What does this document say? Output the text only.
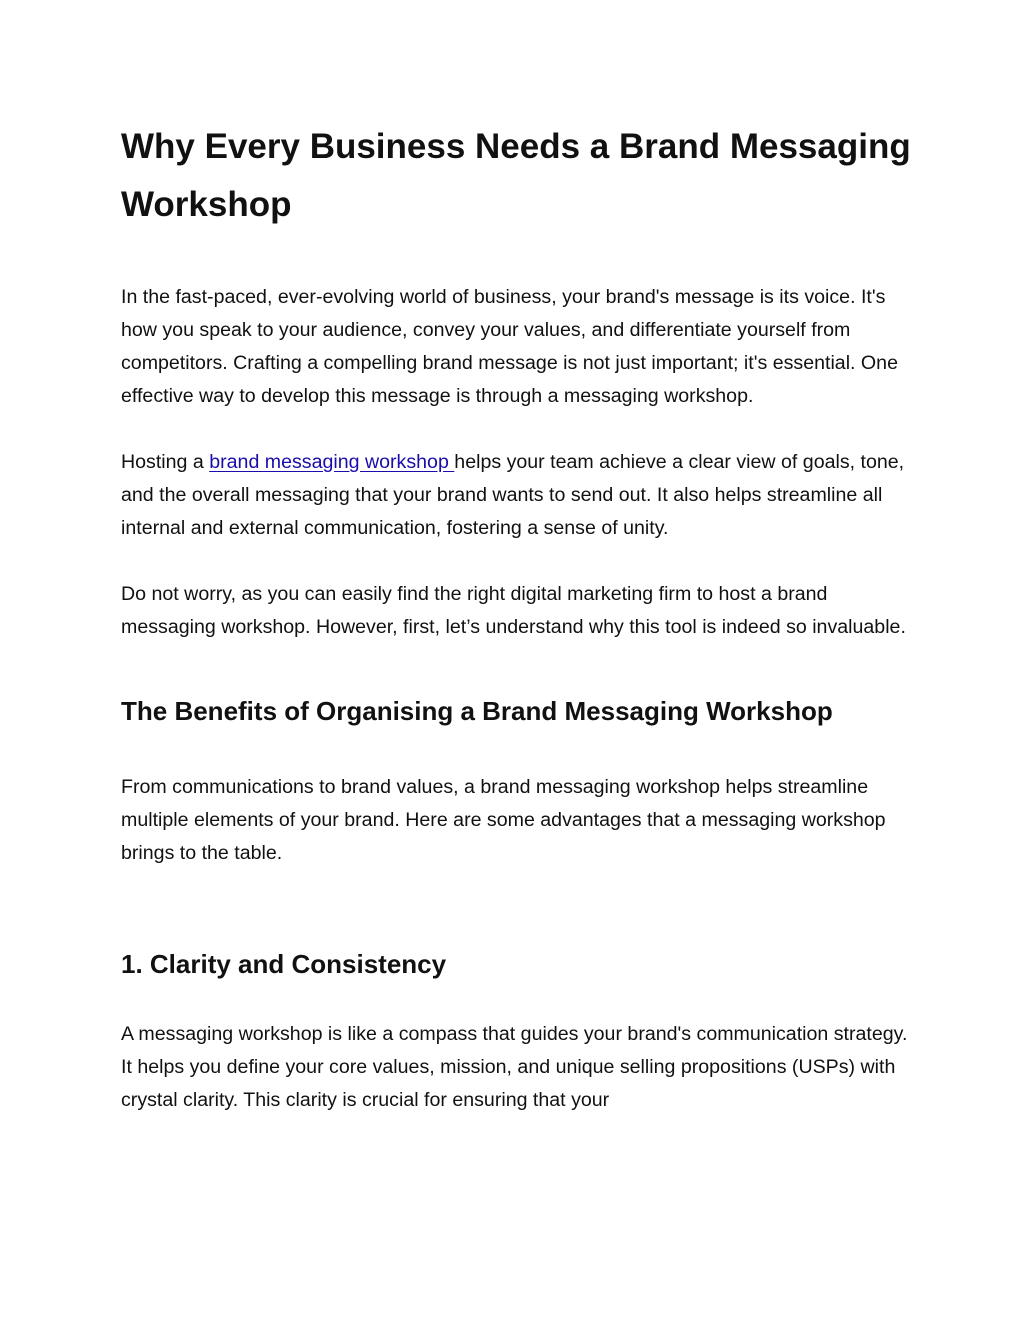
Why Every Business Needs a Brand Messaging Workshop

In the fast-paced, ever-evolving world of business, your brand's message is its voice. It's how you speak to your audience, convey your values, and differentiate yourself from competitors. Crafting a compelling brand message is not just important; it's essential. One effective way to develop this message is through a messaging workshop.

Hosting a brand messaging workshop helps your team achieve a clear view of goals, tone, and the overall messaging that your brand wants to send out. It also helps streamline all internal and external communication, fostering a sense of unity.

Do not worry, as you can easily find the right digital marketing firm to host a brand messaging workshop. However, first, let’s understand why this tool is indeed so invaluable.

The Benefits of Organising a Brand Messaging Workshop

From communications to brand values, a brand messaging workshop helps streamline multiple elements of your brand. Here are some advantages that a messaging workshop brings to the table.

1. Clarity and Consistency

A messaging workshop is like a compass that guides your brand's communication strategy. It helps you define your core values, mission, and unique selling propositions (USPs) with crystal clarity. This clarity is crucial for ensuring that your
